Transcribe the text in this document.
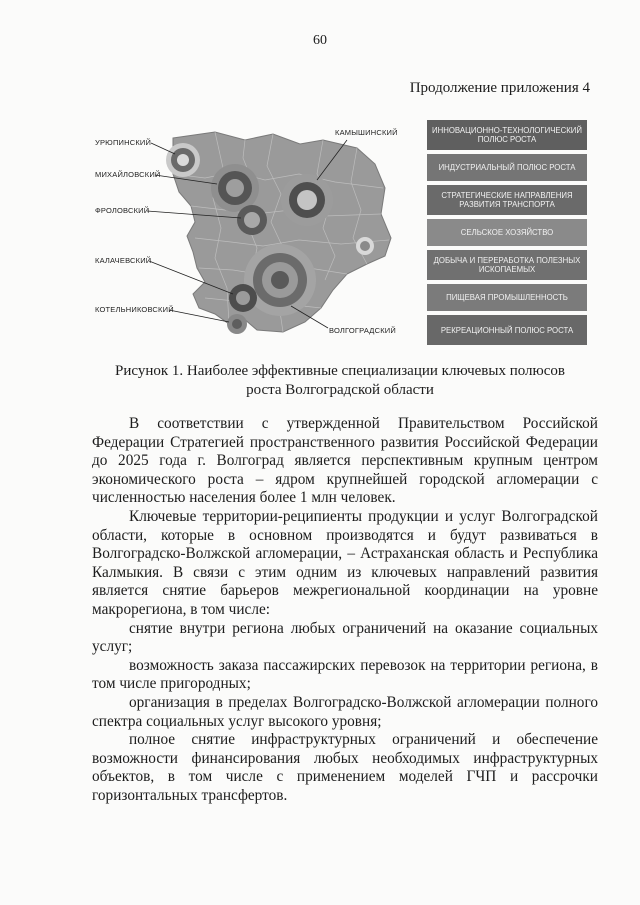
60
Продолжение приложения 4
УРЮПИНСКИЙ
МИХАЙЛОВСКИЙ
ФРОЛОВСКИЙ
КАЛАЧЕВСКИЙ
КОТЕЛЬНИКОВСКИЙ
КАМЫШИНСКИЙ
ВОЛГОГРАДСКИЙ
ИННОВАЦИОННО-ТЕХНОЛОГИЧЕСКИЙ ПОЛЮС РОСТА
ИНДУСТРИАЛЬНЫЙ ПОЛЮС РОСТА
СТРАТЕГИЧЕСКИЕ НАПРАВЛЕНИЯ РАЗВИТИЯ ТРАНСПОРТА
СЕЛЬСКОЕ ХОЗЯЙСТВО
ДОБЫЧА И ПЕРЕРАБОТКА ПОЛЕЗНЫХ ИСКОПАЕМЫХ
ПИЩЕВАЯ ПРОМЫШЛЕННОСТЬ
РЕКРЕАЦИОННЫЙ ПОЛЮС РОСТА
Рисунок 1. Наиболее эффективные специализации ключевых полюсов
роста Волгоградской области

В соответствии с утвержденной Правительством Российской Федерации Стратегией пространственного развития Российской Федерации до 2025 года г. Волгоград является перспективным крупным центром экономического роста – ядром крупнейшей городской агломерации с численностью населения более 1 млн человек.

Ключевые территории-реципиенты продукции и услуг Волгоградской области, которые в основном производятся и будут развиваться в Волгоградско-Волжской агломерации, – Астраханская область и Республика Калмыкия. В связи с этим одним из ключевых направлений развития является снятие барьеров межрегиональной координации на уровне макрорегиона, в том числе:

снятие внутри региона любых ограничений на оказание социальных услуг;

возможность заказа пассажирских перевозок на территории региона, в том числе пригородных;

организация в пределах Волгоградско-Волжской агломерации полного спектра социальных услуг высокого уровня;

полное снятие инфраструктурных ограничений и обеспечение возможности финансирования любых необходимых инфраструктурных объектов, в том числе с применением моделей ГЧП и рассрочки горизонтальных трансфертов.
